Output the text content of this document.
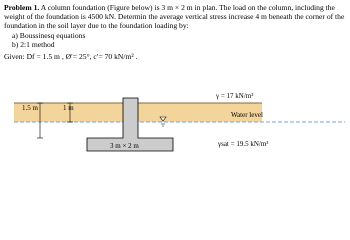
Problem 1. A column foundation (Figure below) is 3 m × 2 m in plan. The load on the column, including the weight of the foundation is 4500 kN. Determin the average vertical stress increase 4 m beneath the corner of the foundation in the soil layer due to the foundation loading by:

a) Boussinesq equations
b) 2:1 method

Given: Df = 1.5 m , Ø′= 25°, c′= 70 kN/m² .

1.5 m	1 m
γ = 17 kN/m³
Water level
3 m × 2 m	γsat = 19.5 kN/m³
